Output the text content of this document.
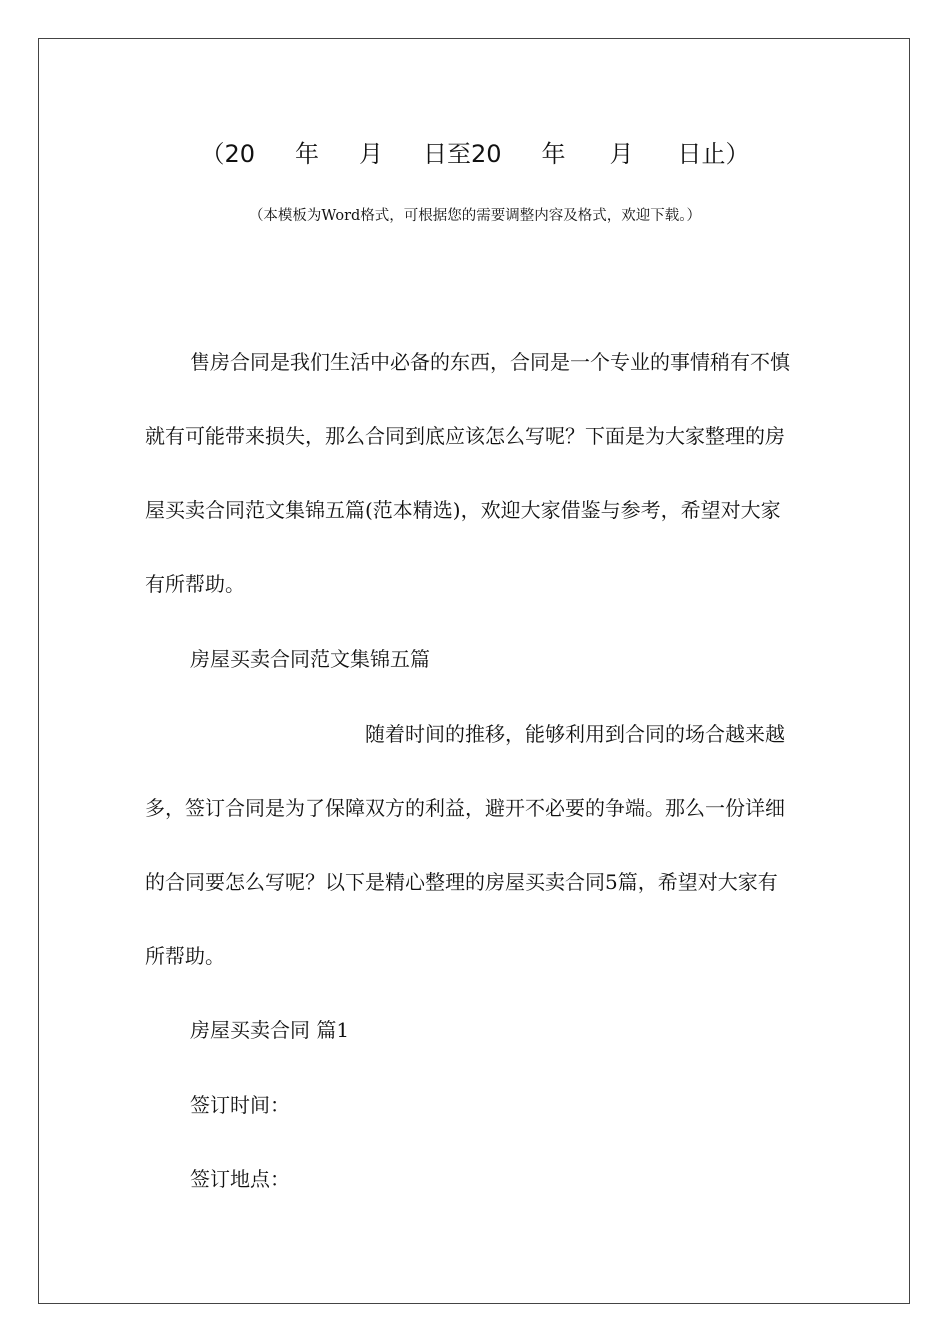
（20 年 月 日至20 年 月 日止）
（本模板为Word格式，可根据您的需要调整内容及格式，欢迎下载。）

售房合同是我们生活中必备的东西，合同是一个专业的事情稍有不慎就有可能带来损失，那么合同到底应该怎么写呢？下面是为大家整理的房屋买卖合同范文集锦五篇(范本精选)，欢迎大家借鉴与参考，希望对大家有所帮助。

房屋买卖合同范文集锦五篇

随着时间的推移，能够利用到合同的场合越来越多，签订合同是为了保障双方的利益，避开不必要的争端。那么一份详细的合同要怎么写呢？以下是精心整理的房屋买卖合同5篇，希望对大家有所帮助。

房屋买卖合同 篇1

签订时间：

签订地点：
